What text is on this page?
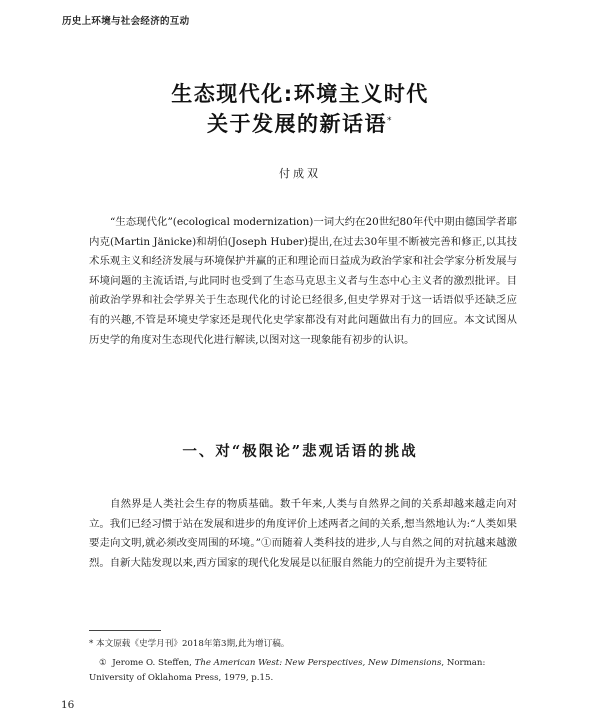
历史上环境与社会经济的互动
生态现代化:环境主义时代
关于发展的新话语*
付成双

“生态现代化”(ecological modernization)一词大约在20世纪80年代中期由德国学者耶内克(Martin Jänicke)和胡伯(Joseph Huber)提出,在过去30年里不断被完善和修正,以其技术乐观主义和经济发展与环境保护并赢的正和理论而日益成为政治学家和社会学家分析发展与环境问题的主流话语,与此同时也受到了生态马克思主义者与生态中心主义者的激烈批评。目前政治学界和社会学界关于生态现代化的讨论已经很多,但史学界对于这一话语似乎还缺乏应有的兴趣,不管是环境史学家还是现代化史学家都没有对此问题做出有力的回应。本文试图从历史学的角度对生态现代化进行解读,以图对这一现象能有初步的认识。

一、对“极限论”悲观话语的挑战

自然界是人类社会生存的物质基础。数千年来,人类与自然界之间的关系却越来越走向对立。我们已经习惯于站在发展和进步的角度评价上述两者之间的关系,想当然地认为:“人类如果要走向文明,就必须改变周围的环境。”①而随着人类科技的进步,人与自然之间的对抗越来越激烈。自新大陆发现以来,西方国家的现代化发展是以征服自然能力的空前提升为主要特征

* 本文原载《史学月刊》2018年第3期,此为增订稿。

① Jerome O. Steffen, The American West: New Perspectives, New Dimensions, Norman: University of Oklahoma Press, 1979, p.15.

16
